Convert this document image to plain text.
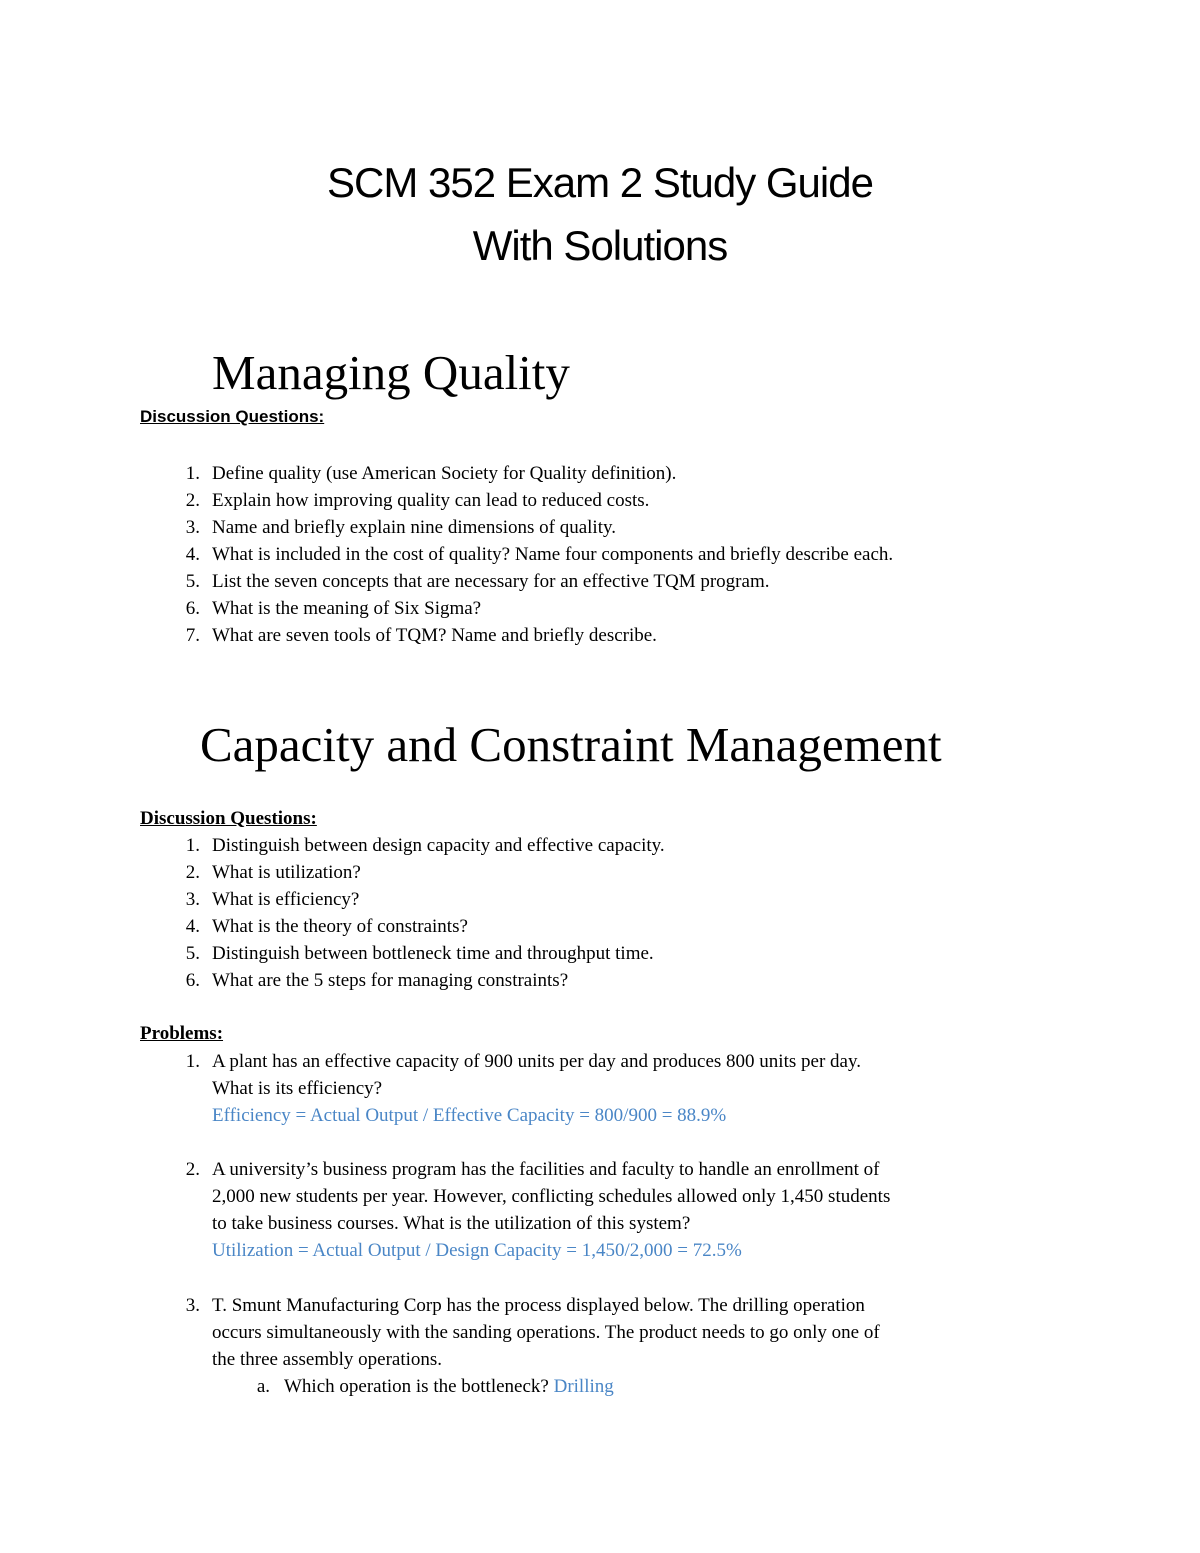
SCM 352 Exam 2 Study Guide
With Solutions
Managing Quality
Discussion Questions:
1. Define quality (use American Society for Quality definition).
2. Explain how improving quality can lead to reduced costs.
3. Name and briefly explain nine dimensions of quality.
4. What is included in the cost of quality? Name four components and briefly describe each.
5. List the seven concepts that are necessary for an effective TQM program.
6. What is the meaning of Six Sigma?
7. What are seven tools of TQM? Name and briefly describe.
Capacity and Constraint Management
Discussion Questions:
1. Distinguish between design capacity and effective capacity.
2. What is utilization?
3. What is efficiency?
4. What is the theory of constraints?
5. Distinguish between bottleneck time and throughput time.
6. What are the 5 steps for managing constraints?
Problems:
1. A plant has an effective capacity of 900 units per day and produces 800 units per day.
What is its efficiency?
Efficiency = Actual Output / Effective Capacity = 800/900 = 88.9%
2. A university’s business program has the facilities and faculty to handle an enrollment of
2,000 new students per year. However, conflicting schedules allowed only 1,450 students
to take business courses. What is the utilization of this system?
Utilization = Actual Output / Design Capacity = 1,450/2,000 = 72.5%
3. T. Smunt Manufacturing Corp has the process displayed below. The drilling operation
occurs simultaneously with the sanding operations. The product needs to go only one of
the three assembly operations.
a. Which operation is the bottleneck? Drilling
